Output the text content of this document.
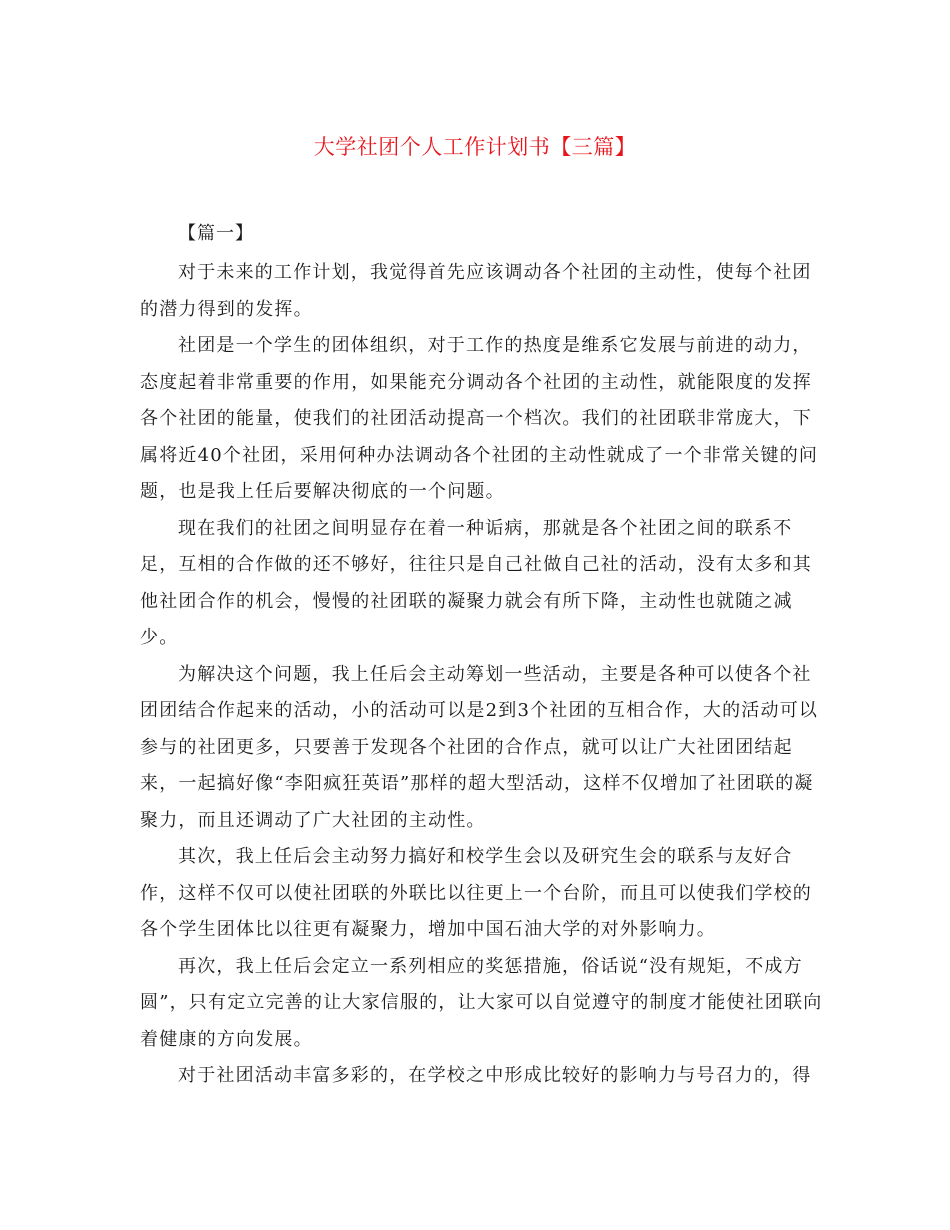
大学社团个人工作计划书【三篇】
【篇一】

对于未来的工作计划，我觉得首先应该调动各个社团的主动性，使每个社团
的潜力得到的发挥。

社团是一个学生的团体组织，对于工作的热度是维系它发展与前进的动力，
态度起着非常重要的作用，如果能充分调动各个社团的主动性，就能限度的发挥
各个社团的能量，使我们的社团活动提高一个档次。我们的社团联非常庞大，下
属将近40个社团，采用何种办法调动各个社团的主动性就成了一个非常关键的问
题，也是我上任后要解决彻底的一个问题。

现在我们的社团之间明显存在着一种诟病，那就是各个社团之间的联系不
足，互相的合作做的还不够好，往往只是自己社做自己社的活动，没有太多和其
他社团合作的机会，慢慢的社团联的凝聚力就会有所下降，主动性也就随之减
少。

为解决这个问题，我上任后会主动筹划一些活动，主要是各种可以使各个社
团团结合作起来的活动，小的活动可以是2到3个社团的互相合作，大的活动可以
参与的社团更多，只要善于发现各个社团的合作点，就可以让广大社团团结起
来，一起搞好像“李阳疯狂英语”那样的超大型活动，这样不仅增加了社团联的凝
聚力，而且还调动了广大社团的主动性。

其次，我上任后会主动努力搞好和校学生会以及研究生会的联系与友好合
作，这样不仅可以使社团联的外联比以往更上一个台阶，而且可以使我们学校的
各个学生团体比以往更有凝聚力，增加中国石油大学的对外影响力。

再次，我上任后会定立一系列相应的奖惩措施，俗话说“没有规矩，不成方
圆”，只有定立完善的让大家信服的，让大家可以自觉遵守的制度才能使社团联向
着健康的方向发展。

对于社团活动丰富多彩的，在学校之中形成比较好的影响力与号召力的，得
